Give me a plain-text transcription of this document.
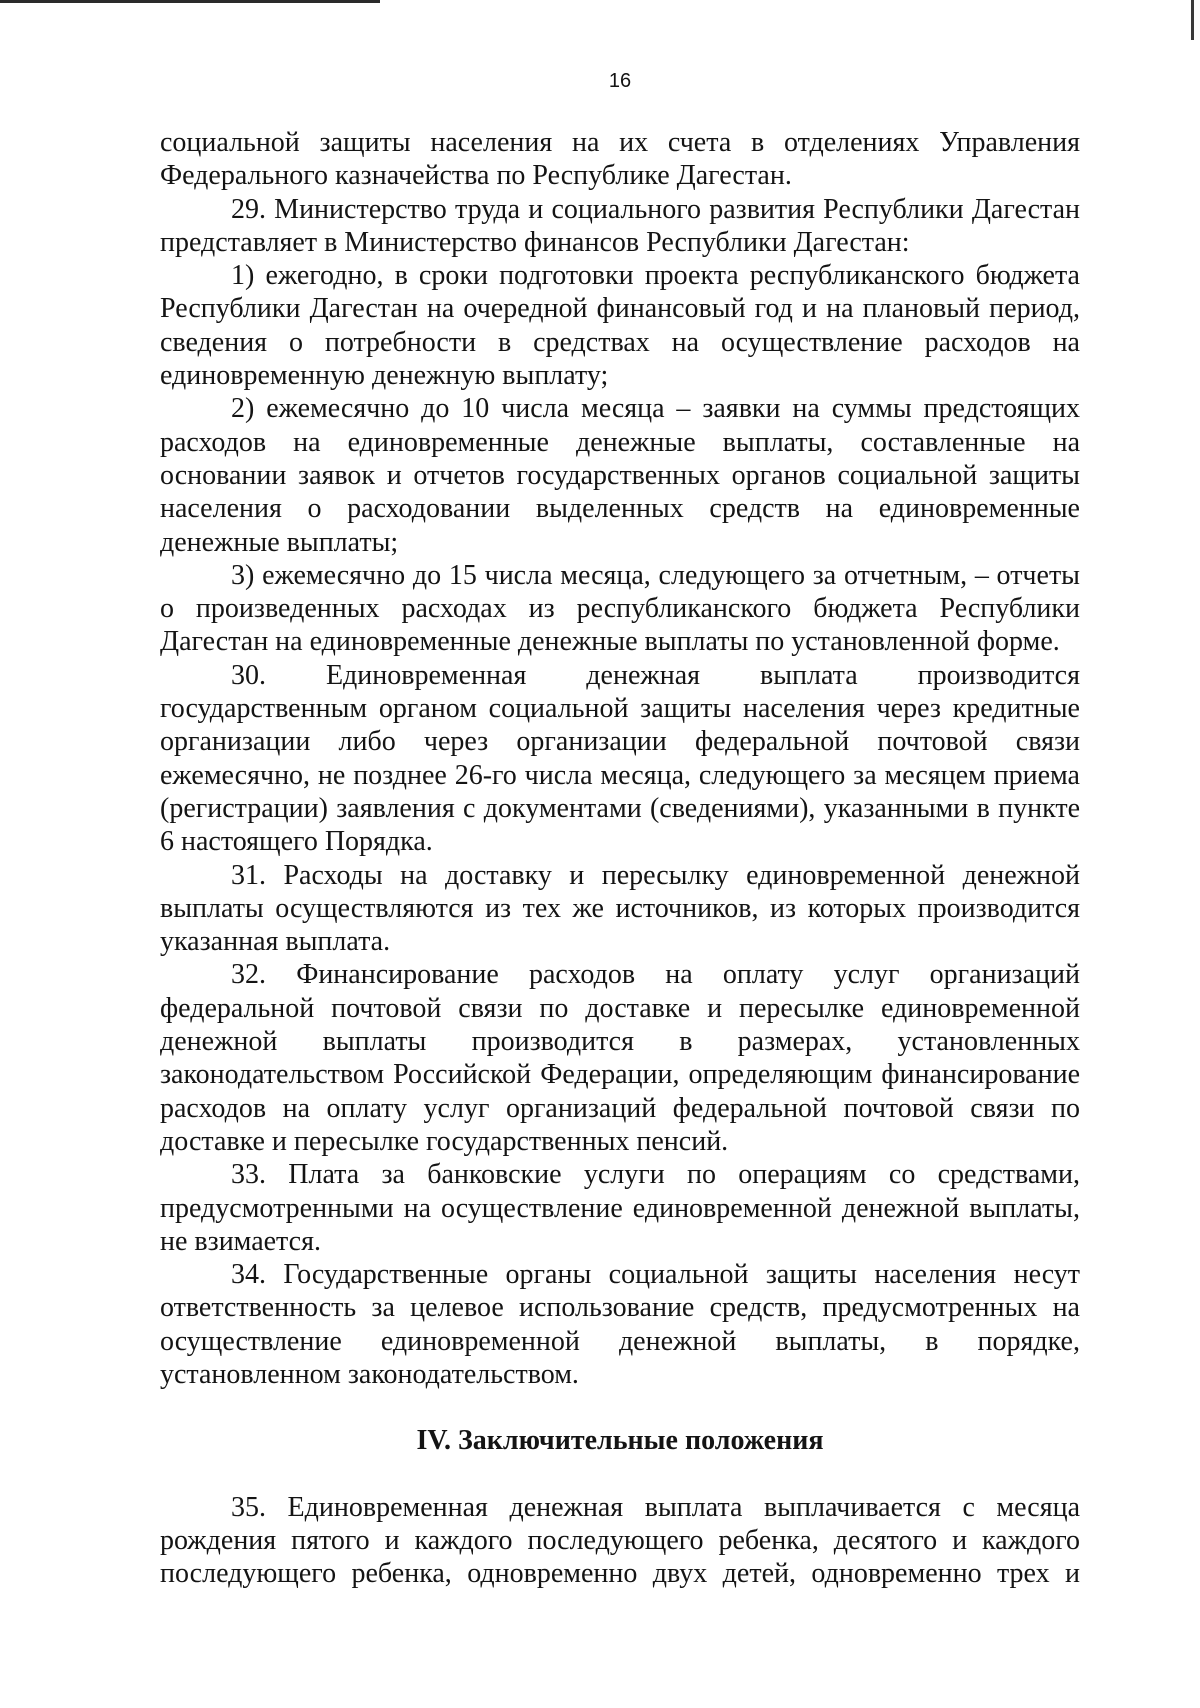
16

социальной защиты населения на их счета в отделениях Управления Федерального казначейства по Республике Дагестан.

29. Министерство труда и социального развития Республики Дагестан представляет в Министерство финансов Республики Дагестан:

1) ежегодно, в сроки подготовки проекта республиканского бюджета Республики Дагестан на очередной финансовый год и на плановый период, сведения о потребности в средствах на осуществление расходов на единовременную денежную выплату;

2) ежемесячно до 10 числа месяца – заявки на суммы предстоящих расходов на единовременные денежные выплаты, составленные на основании заявок и отчетов государственных органов социальной защиты населения о расходовании выделенных средств на единовременные денежные выплаты;

3) ежемесячно до 15 числа месяца, следующего за отчетным, – отчеты о произведенных расходах из республиканского бюджета Республики Дагестан на единовременные денежные выплаты по установленной форме.

30. Единовременная денежная выплата производится государственным органом социальной защиты населения через кредитные организации либо через организации федеральной почтовой связи ежемесячно, не позднее 26-го числа месяца, следующего за месяцем приема (регистрации) заявления с документами (сведениями), указанными в пункте 6 настоящего Порядка.

31. Расходы на доставку и пересылку единовременной денежной выплаты осуществляются из тех же источников, из которых производится указанная выплата.

32. Финансирование расходов на оплату услуг организаций федеральной почтовой связи по доставке и пересылке единовременной денежной выплаты производится в размерах, установленных законодательством Российской Федерации, определяющим финансирование расходов на оплату услуг организаций федеральной почтовой связи по доставке и пересылке государственных пенсий.

33. Плата за банковские услуги по операциям со средствами, предусмотренными на осуществление единовременной денежной выплаты, не взимается.

34. Государственные органы социальной защиты населения несут ответственность за целевое использование средств, предусмотренных на осуществление единовременной денежной выплаты, в порядке, установленном законодательством.

IV. Заключительные положения

35. Единовременная денежная выплата выплачивается с месяца рождения пятого и каждого последующего ребенка, десятого и каждого последующего ребенка, одновременно двух детей, одновременно трех и
